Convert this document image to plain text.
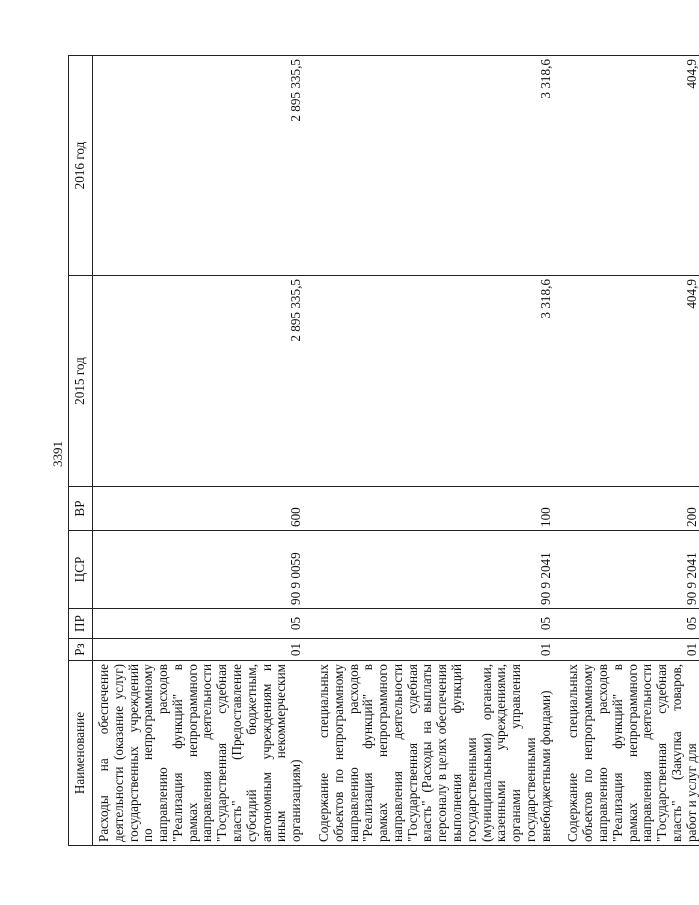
3391
Наименование	Рз	ПР	ЦСР	ВР	2015 год	2016 год
Расходы на обеспечение деятельности (оказание услуг) государственных учреждений по непрограммному направлению расходов "Реализация функций" в рамках непрограммного направления деятельности "Государственная судебная власть" (Предоставление субсидий бюджетным, автономным учреждениям и иным некоммерческим организациям)	01	05	90 9 0059	600	2 895 335,5	2 895 335,5
Содержание специальных объектов по непрограммному направлению расходов "Реализация функций" в рамках непрограммного направления деятельности "Государственная судебная власть" (Расходы на выплаты персоналу в целях обеспечения выполнения функций государственными (муниципальными) органами, казенными учреждениями, органами управления государственными внебюджетными фондами)	01	05	90 9 2041	100	3 318,6	3 318,6
Содержание специальных объектов по непрограммному направлению расходов "Реализация функций" в рамках непрограммного направления деятельности "Государственная судебная власть" (Закупка товаров, работ и услуг для	01	05	90 9 2041	200	404,9	404,9
